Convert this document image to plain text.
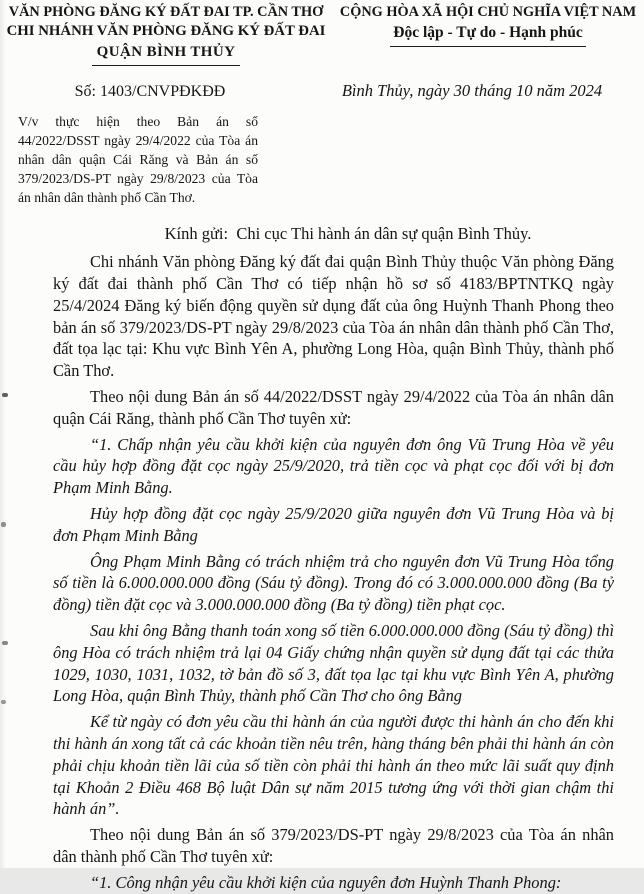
VĂN PHÒNG ĐĂNG KÝ ĐẤT ĐAI TP. CẦN THƠ
CHI NHÁNH VĂN PHÒNG ĐĂNG KÝ ĐẤT ĐAI
QUẬN BÌNH THỦY
CỘNG HÒA XÃ HỘI CHỦ NGHĨA VIỆT NAM
Độc lập - Tự do - Hạnh phúc
Số: 1403/CNVPĐKĐĐ	Bình Thủy, ngày 30 tháng 10 năm 2024
V/v thực hiện theo Bản án số 44/2022/DSST ngày 29/4/2022 của Tòa án nhân dân quận Cái Răng và Bản án số 379/2023/DS-PT ngày 29/8/2023 của Tòa án nhân dân thành phố Cần Thơ.
Kính gửi:  Chi cục Thi hành án dân sự quận Bình Thủy.

Chi nhánh Văn phòng Đăng ký đất đai quận Bình Thủy thuộc Văn phòng Đăng ký đất đai thành phố Cần Thơ có tiếp nhận hồ sơ số 4183/BPTNTKQ ngày 25/4/2024 Đăng ký biến động quyền sử dụng đất của ông Huỳnh Thanh Phong theo bản án số 379/2023/DS-PT ngày 29/8/2023 của Tòa án nhân dân thành phố Cần Thơ, đất tọa lạc tại: Khu vực Bình Yên A, phường Long Hòa, quận Bình Thủy, thành phố Cần Thơ.

Theo nội dung Bản án số 44/2022/DSST ngày 29/4/2022 của Tòa án nhân dân quận Cái Răng, thành phố Cần Thơ tuyên xử:

“1. Chấp nhận yêu cầu khởi kiện của nguyên đơn ông Vũ Trung Hòa về yêu cầu hủy hợp đồng đặt cọc ngày 25/9/2020, trả tiền cọc và phạt cọc đối với bị đơn Phạm Minh Bằng.

Hủy hợp đồng đặt cọc ngày 25/9/2020 giữa nguyên đơn Vũ Trung Hòa và bị đơn Phạm Minh Bằng

Ông Phạm Minh Bằng có trách nhiệm trả cho nguyên đơn Vũ Trung Hòa tổng số tiền là 6.000.000.000 đồng (Sáu tỷ đồng). Trong đó có 3.000.000.000 đồng (Ba tỷ đồng) tiền đặt cọc và 3.000.000.000 đồng (Ba tỷ đồng) tiền phạt cọc.

Sau khi ông Bằng thanh toán xong số tiền 6.000.000.000 đồng (Sáu tỷ đồng) thì ông Hòa có trách nhiệm trả lại 04 Giấy chứng nhận quyền sử dụng đất tại các thửa 1029, 1030, 1031, 1032, tờ bản đồ số 3, đất tọa lạc tại khu vực Bình Yên A, phường Long Hòa, quận Bình Thủy, thành phố Cần Thơ cho ông Bằng

Kể từ ngày có đơn yêu cầu thi hành án của người được thi hành án cho đến khi thi hành án xong tất cả các khoản tiền nêu trên, hàng tháng bên phải thi hành án còn phải chịu khoản tiền lãi của số tiền còn phải thi hành án theo mức lãi suất quy định tại Khoản 2 Điều 468 Bộ luật Dân sự năm 2015 tương ứng với thời gian chậm thi hành án”.

Theo nội dung Bản án số 379/2023/DS-PT ngày 29/8/2023 của Tòa án nhân dân thành phố Cần Thơ tuyên xử:

“1. Công nhận yêu cầu khởi kiện của nguyên đơn Huỳnh Thanh Phong:
